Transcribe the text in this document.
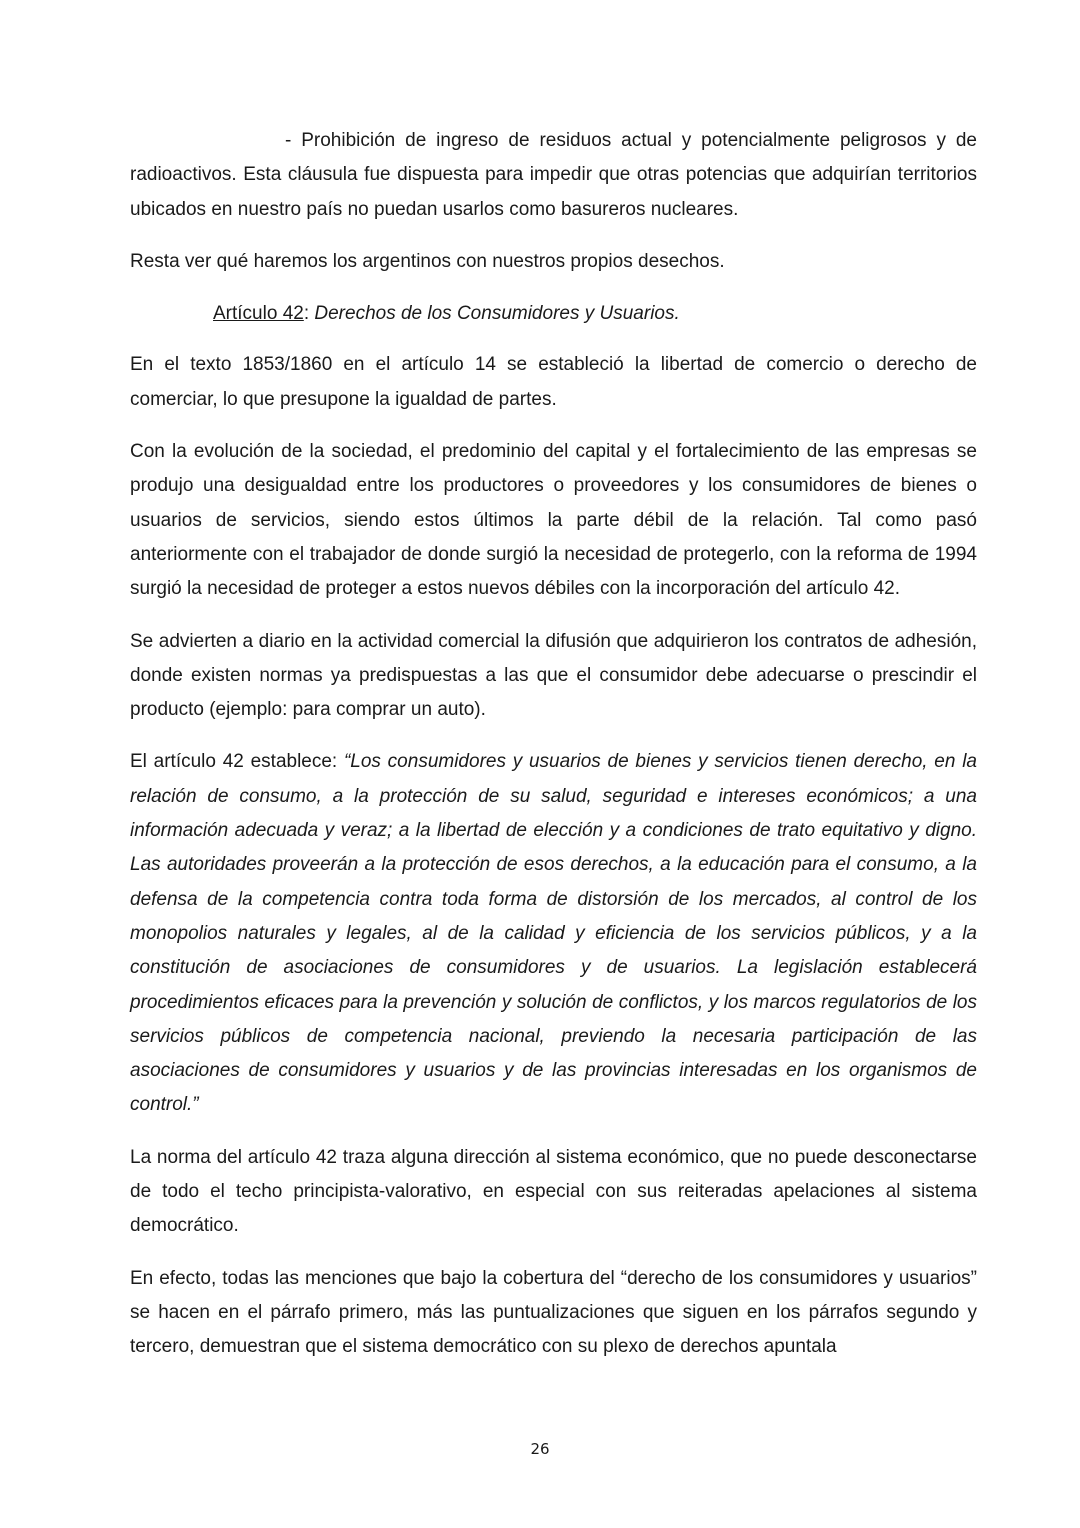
- Prohibición de ingreso de residuos actual y potencialmente peligrosos y de radioactivos. Esta cláusula fue dispuesta para impedir que otras potencias que adquirían territorios ubicados en nuestro país no puedan usarlos como basureros nucleares.

Resta ver qué haremos los argentinos con nuestros propios desechos.

Artículo 42: Derechos de los Consumidores y Usuarios.

En el texto 1853/1860 en el artículo 14 se estableció la libertad de comercio o derecho de comerciar, lo que presupone la igualdad de partes.

Con la evolución de la sociedad, el predominio del capital y el fortalecimiento de las empresas se produjo una desigualdad entre los productores o proveedores y los consumidores de bienes o usuarios de servicios, siendo estos últimos la parte débil de la relación. Tal como pasó anteriormente con el trabajador de donde surgió la necesidad de protegerlo, con la reforma de 1994 surgió la necesidad de proteger a estos nuevos débiles con la incorporación del artículo 42.

Se advierten a diario en la actividad comercial la difusión que adquirieron los contratos de adhesión, donde existen normas ya predispuestas a las que el consumidor debe adecuarse o prescindir el producto (ejemplo: para comprar un auto).

El artículo 42 establece: “Los consumidores y usuarios de bienes y servicios tienen derecho, en la relación de consumo, a la protección de su salud, seguridad e intereses económicos; a una información adecuada y veraz; a la libertad de elección y a condiciones de trato equitativo y digno. Las autoridades proveerán a la protección de esos derechos, a la educación para el consumo, a la defensa de la competencia contra toda forma de distorsión de los mercados, al control de los monopolios naturales y legales, al de la calidad y eficiencia de los servicios públicos, y a la constitución de asociaciones de consumidores y de usuarios. La legislación establecerá procedimientos eficaces para la prevención y solución de conflictos, y los marcos regulatorios de los servicios públicos de competencia nacional, previendo la necesaria participación de las asociaciones de consumidores y usuarios y de las provincias interesadas en los organismos de control.”

La norma del artículo 42 traza alguna dirección al sistema económico, que no puede desconectarse de todo el techo principista-valorativo, en especial con sus reiteradas apelaciones al sistema democrático.

En efecto, todas las menciones que bajo la cobertura del “derecho de los consumidores y usuarios” se hacen en el párrafo primero, más las puntualizaciones que siguen en los párrafos segundo y tercero, demuestran que el sistema democrático con su plexo de derechos apuntala

26
